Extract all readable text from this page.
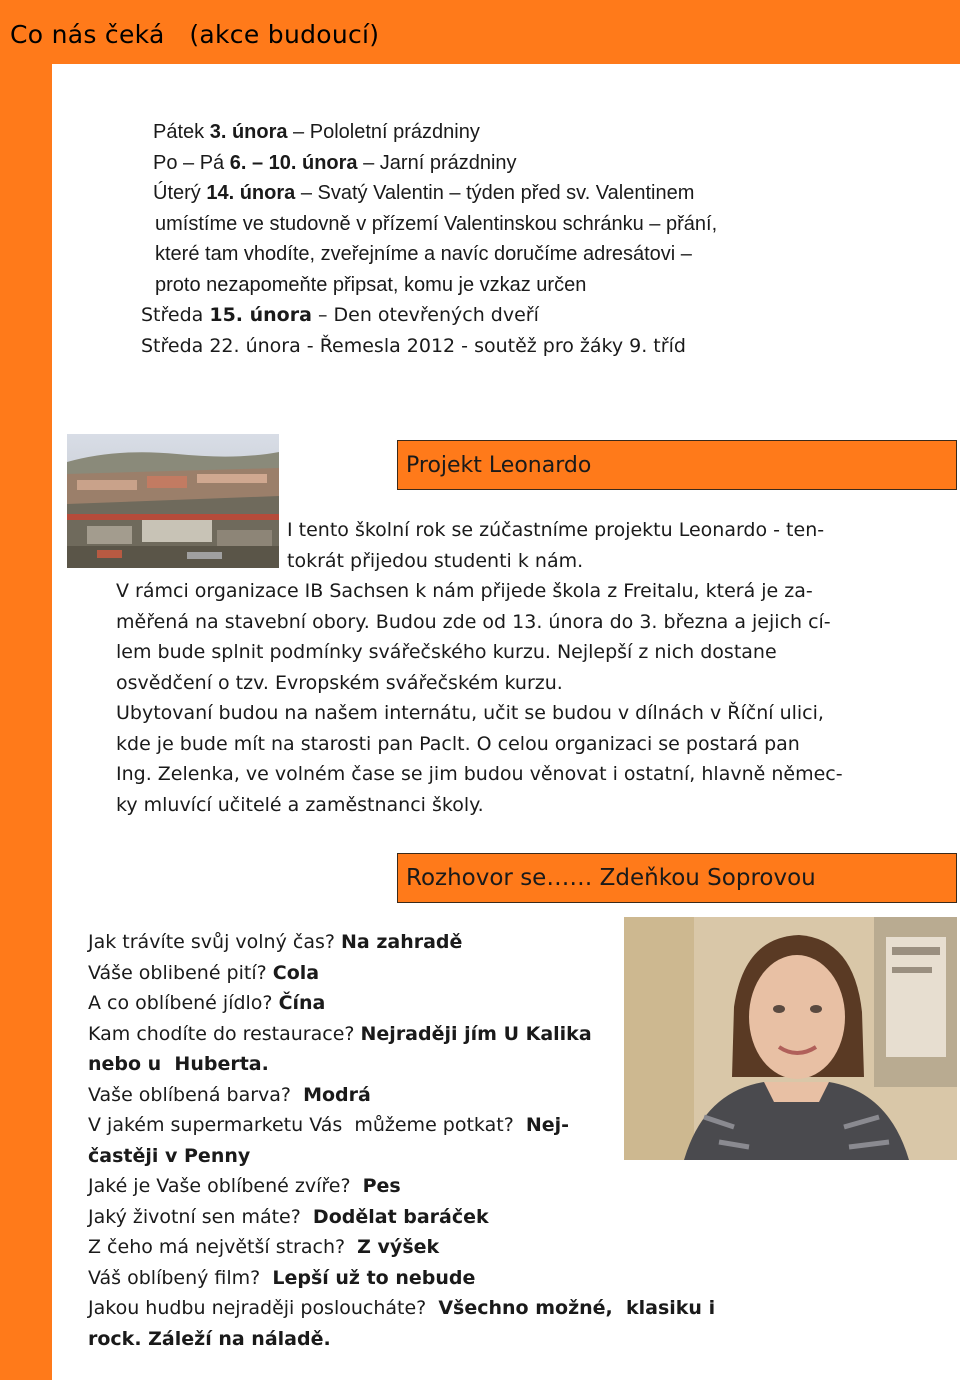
Co nás čeká   (akce budoucí)
Pátek 3. února – Pololetní prázdniny
Po – Pá 6. – 10. února – Jarní prázdniny
Úterý 14. února – Svatý Valentin – týden před sv. Valentinem
umístíme ve studovně v přízemí Valentinskou schránku – přání,
které tam vhodíte, zveřejníme a navíc doručíme adresátovi –
proto nezapomeňte připsat, komu je vzkaz určen
Středa 15. února – Den otevřených dveří
Středa 22. února - Řemesla 2012 - soutěž pro žáky 9. tříd
Projekt Leonardo
I tento školní rok se zúčastníme projektu Leonardo - ten-
tokrát přijedou studenti k nám.
V rámci organizace IB Sachsen k nám přijede škola z Freitalu, která je za-
měřená na stavební obory. Budou zde od 13. února do 3. března a jejich cí-
lem bude splnit podmínky svářečského kurzu. Nejlepší z nich dostane
osvědčení o tzv. Evropském svářečském kurzu.
Ubytovaní budou na našem internátu, učit se budou v dílnách v Říční ulici,
kde je bude mít na starosti pan Paclt. O celou organizaci se postará pan
Ing. Zelenka, ve volném čase se jim budou věnovat i ostatní, hlavně němec-
ky mluvící učitelé a zaměstnanci školy.
Rozhovor se…… Zdeňkou Soprovou
Jak trávíte svůj volný čas? Na zahradě
Váše oblibené pití? Cola
A co oblíbené jídlo? Čína
Kam chodíte do restaurace? Nejraději jím U Kalika
nebo u  Huberta.
Vaše oblíbená barva?  Modrá
V jakém supermarketu Vás  můžeme potkat?  Nej-
častěji v Penny
Jaké je Vaše oblíbené zvíře?  Pes
Jaký životní sen máte?  Dodělat baráček
Z čeho má největší strach?  Z výšek
Váš oblíbený film?  Lepší už to nebude
Jakou hudbu nejraději posloucháte?  Všechno možné,  klasiku i
rock. Záleží na náladě.
